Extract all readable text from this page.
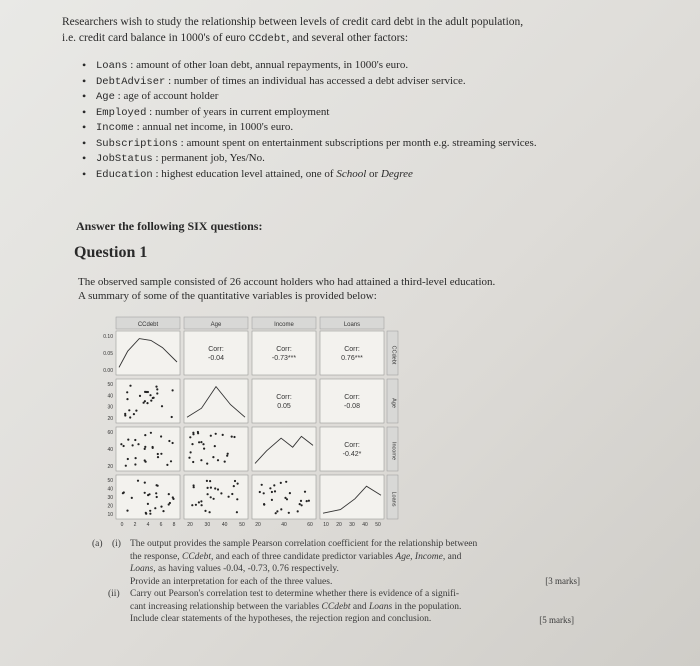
Researchers wish to study the relationship between levels of credit card debt in the adult population,
i.e. credit card balance in 1000's of euro CCdebt, and several other factors:
• Loans : amount of other loan debt, annual repayments, in 1000's euro.
• DebtAdviser : number of times an individual has accessed a debt adviser service.
• Age : age of account holder
• Employed : number of years in current employment
• Income : annual net income, in 1000's euro.
• Subscriptions : amount spent on entertainment subscriptions per month e.g. streaming services.
• JobStatus : permanent job, Yes/No.
• Education : highest education level attained, one of School or Degree
Answer the following SIX questions:
Question 1
The observed sample consisted of 26 account holders who had attained a third-level education.
A summary of some of the quantitative variables is provided below:
CCdebt	Age	Income	Loans
CCdebt
Age
Income
Loans
Corr:
-0.04
Corr:
-0.73***
Corr:
0.76***
Corr:
0.05
Corr:
-0.08
Corr:
-0.42*
0.10
0.05
0.00
50
40
30
20
60
40
20
50
40
30
20
10
0 2 4 6 8 20 30 40 50 20	40	60 10 20 30 40 50
(a) (i) The output provides the sample Pearson correlation coefficient for the relationship between
the response, CCdebt, and each of three candidate predictor variables Age, Income, and
Loans, as having values -0.04, -0.73, 0.76 respectively.
Provide an interpretation for each of the three values.	[3 marks]
(ii) Carry out Pearson's correlation test to determine whether there is evidence of a signifi-
cant increasing relationship between the variables CCdebt and Loans in the population.
Include clear statements of the hypotheses, the rejection region and conclusion.	[5 marks]
